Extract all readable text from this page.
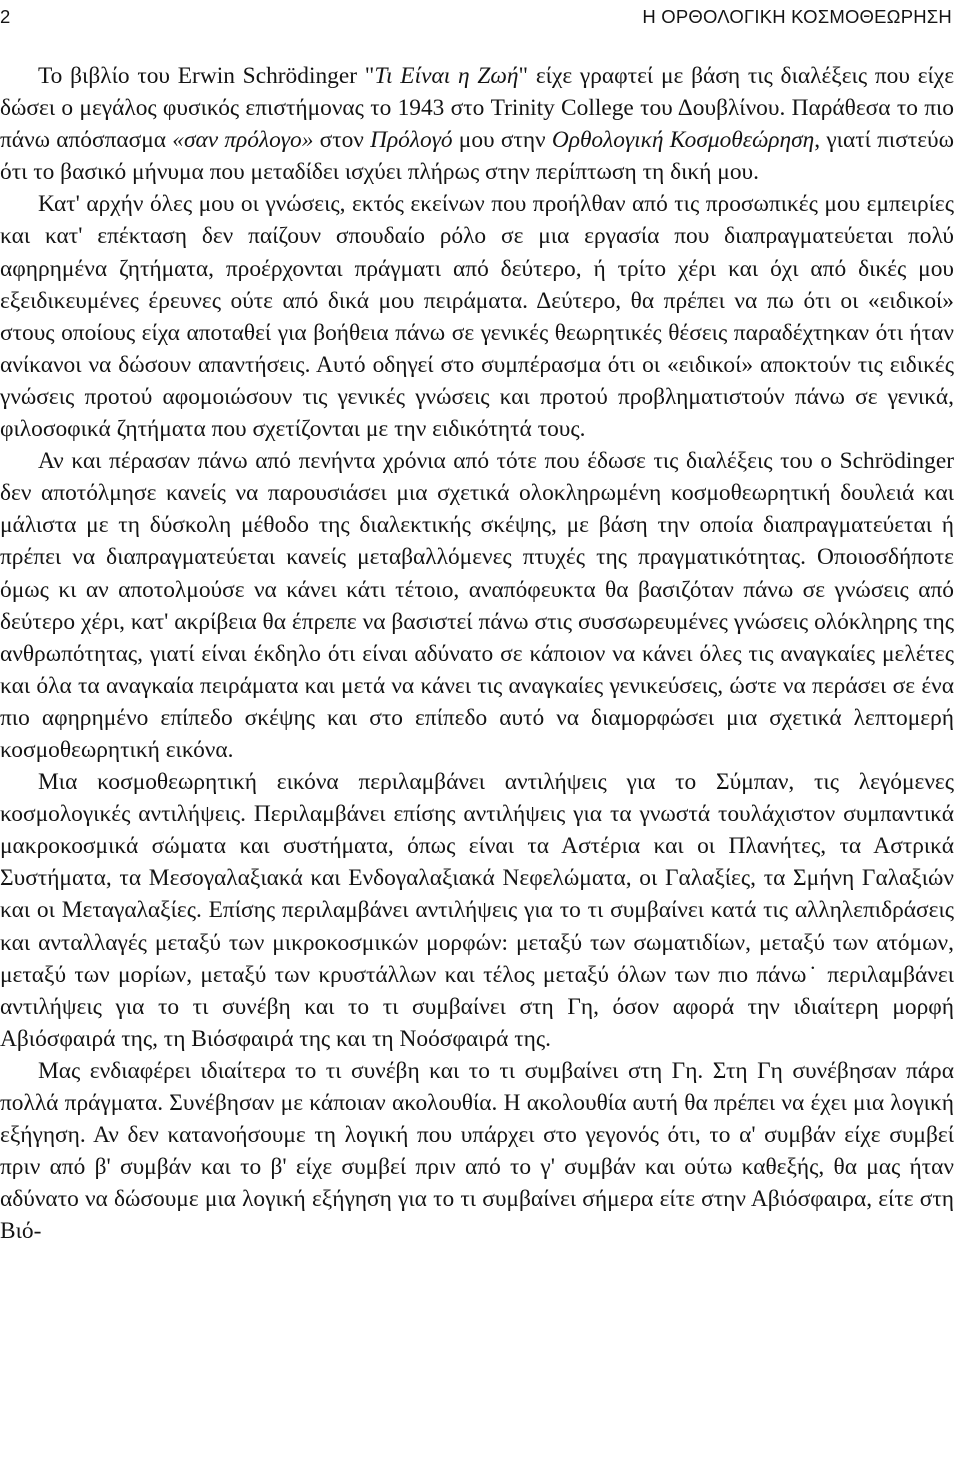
2	Η ΟΡΘΟΛΟΓΙΚΗ ΚΟΣΜΟΘΕΩΡΗΣΗ

Το βιβλίο του Erwin Schrödinger "Τι Είναι η Ζωή" είχε γραφτεί με βάση τις διαλέξεις που είχε δώσει ο μεγάλος φυσικός επιστήμονας το 1943 στο Trinity College του Δουβλίνου. Παράθεσα το πιο πάνω απόσπασμα «σαν πρόλογο» στον Πρόλογό μου στην Ορθολογική Κοσμοθεώρηση, γιατί πιστεύω ότι το βασικό μήνυμα που μεταδίδει ισχύει πλήρως στην περίπτωση τη δική μου.

Κατ' αρχήν όλες μου οι γνώσεις, εκτός εκείνων που προήλθαν από τις προσωπικές μου εμπειρίες και κατ' επέκταση δεν παίζουν σπουδαίο ρόλο σε μια εργασία που διαπραγματεύεται πολύ αφηρημένα ζητήματα, προέρχονται πράγματι από δεύτερο, ή τρίτο χέρι και όχι από δικές μου εξειδικευμένες έρευνες ούτε από δικά μου πειράματα. Δεύτερο, θα πρέπει να πω ότι οι «ειδικοί» στους οποίους είχα αποταθεί για βοήθεια πάνω σε γενικές θεωρητικές θέσεις παραδέχτηκαν ότι ήταν ανίκανοι να δώσουν απαντήσεις. Αυτό οδηγεί στο συμπέρασμα ότι οι «ειδικοί» αποκτούν τις ειδικές γνώσεις προτού αφομοιώσουν τις γενικές γνώσεις και προτού προβληματιστούν πάνω σε γενικά, φιλοσοφικά ζητήματα που σχετίζονται με την ειδικότητά τους.

Αν και πέρασαν πάνω από πενήντα χρόνια από τότε που έδωσε τις διαλέξεις του ο Schrödinger δεν αποτόλμησε κανείς να παρουσιάσει μια σχετικά ολοκληρωμένη κοσμοθεωρητική δουλειά και μάλιστα με τη δύσκολη μέθοδο της διαλεκτικής σκέψης, με βάση την οποία διαπραγματεύεται ή πρέπει να διαπραγματεύεται κανείς μεταβαλλόμενες πτυχές της πραγματικότητας. Οποιοσδήποτε όμως κι αν αποτολμούσε να κάνει κάτι τέτοιο, αναπόφευκτα θα βασιζόταν πάνω σε γνώσεις από δεύτερο χέρι, κατ' ακρίβεια θα έπρεπε να βασιστεί πάνω στις συσσωρευμένες γνώσεις ολόκληρης της ανθρωπότητας, γιατί είναι έκδηλο ότι είναι αδύνατο σε κάποιον να κάνει όλες τις αναγκαίες μελέτες και όλα τα αναγκαία πειράματα και μετά να κάνει τις αναγκαίες γενικεύσεις, ώστε να περάσει σε ένα πιο αφηρημένο επίπεδο σκέψης και στο επίπεδο αυτό να διαμορφώσει μια σχετικά λεπτομερή κοσμοθεωρητική εικόνα.

Μια κοσμοθεωρητική εικόνα περιλαμβάνει αντιλήψεις για το Σύμπαν, τις λεγόμενες κοσμολογικές αντιλήψεις. Περιλαμβάνει επίσης αντιλήψεις για τα γνωστά τουλάχιστον συμπαντικά μακροκοσμικά σώματα και συστήματα, όπως είναι τα Αστέρια και οι Πλανήτες, τα Αστρικά Συστήματα, τα Μεσογαλαξιακά και Ενδογαλαξιακά Νεφελώματα, οι Γαλαξίες, τα Σμήνη Γαλαξιών και οι Μεταγαλαξίες. Επίσης περιλαμβάνει αντιλήψεις για το τι συμβαίνει κατά τις αλληλεπιδράσεις και ανταλλαγές μεταξύ των μικροκοσμικών μορφών: μεταξύ των σωματιδίων, μεταξύ των ατόμων, μεταξύ των μορίων, μεταξύ των κρυστάλλων και τέλος μεταξύ όλων των πιο πάνω˙ περιλαμβάνει αντιλήψεις για το τι συνέβη και το τι συμβαίνει στη Γη, όσον αφορά την ιδιαίτερη μορφή Αβιόσφαιρά της, τη Βιόσφαιρά της και τη Νοόσφαιρά της.

Μας ενδιαφέρει ιδιαίτερα το τι συνέβη και το τι συμβαίνει στη Γη. Στη Γη συνέβησαν πάρα πολλά πράγματα. Συνέβησαν με κάποιαν ακολουθία. Η ακολουθία αυτή θα πρέπει να έχει μια λογική εξήγηση. Αν δεν κατανοήσουμε τη λογική που υπάρχει στο γεγονός ότι, το α' συμβάν είχε συμβεί πριν από β' συμβάν και το β' είχε συμβεί πριν από το γ' συμβάν και ούτω καθεξής, θα μας ήταν αδύνατο να δώσουμε μια λογική εξήγηση για το τι συμβαίνει σήμερα είτε στην Αβιόσφαιρα, είτε στη Βιό-
